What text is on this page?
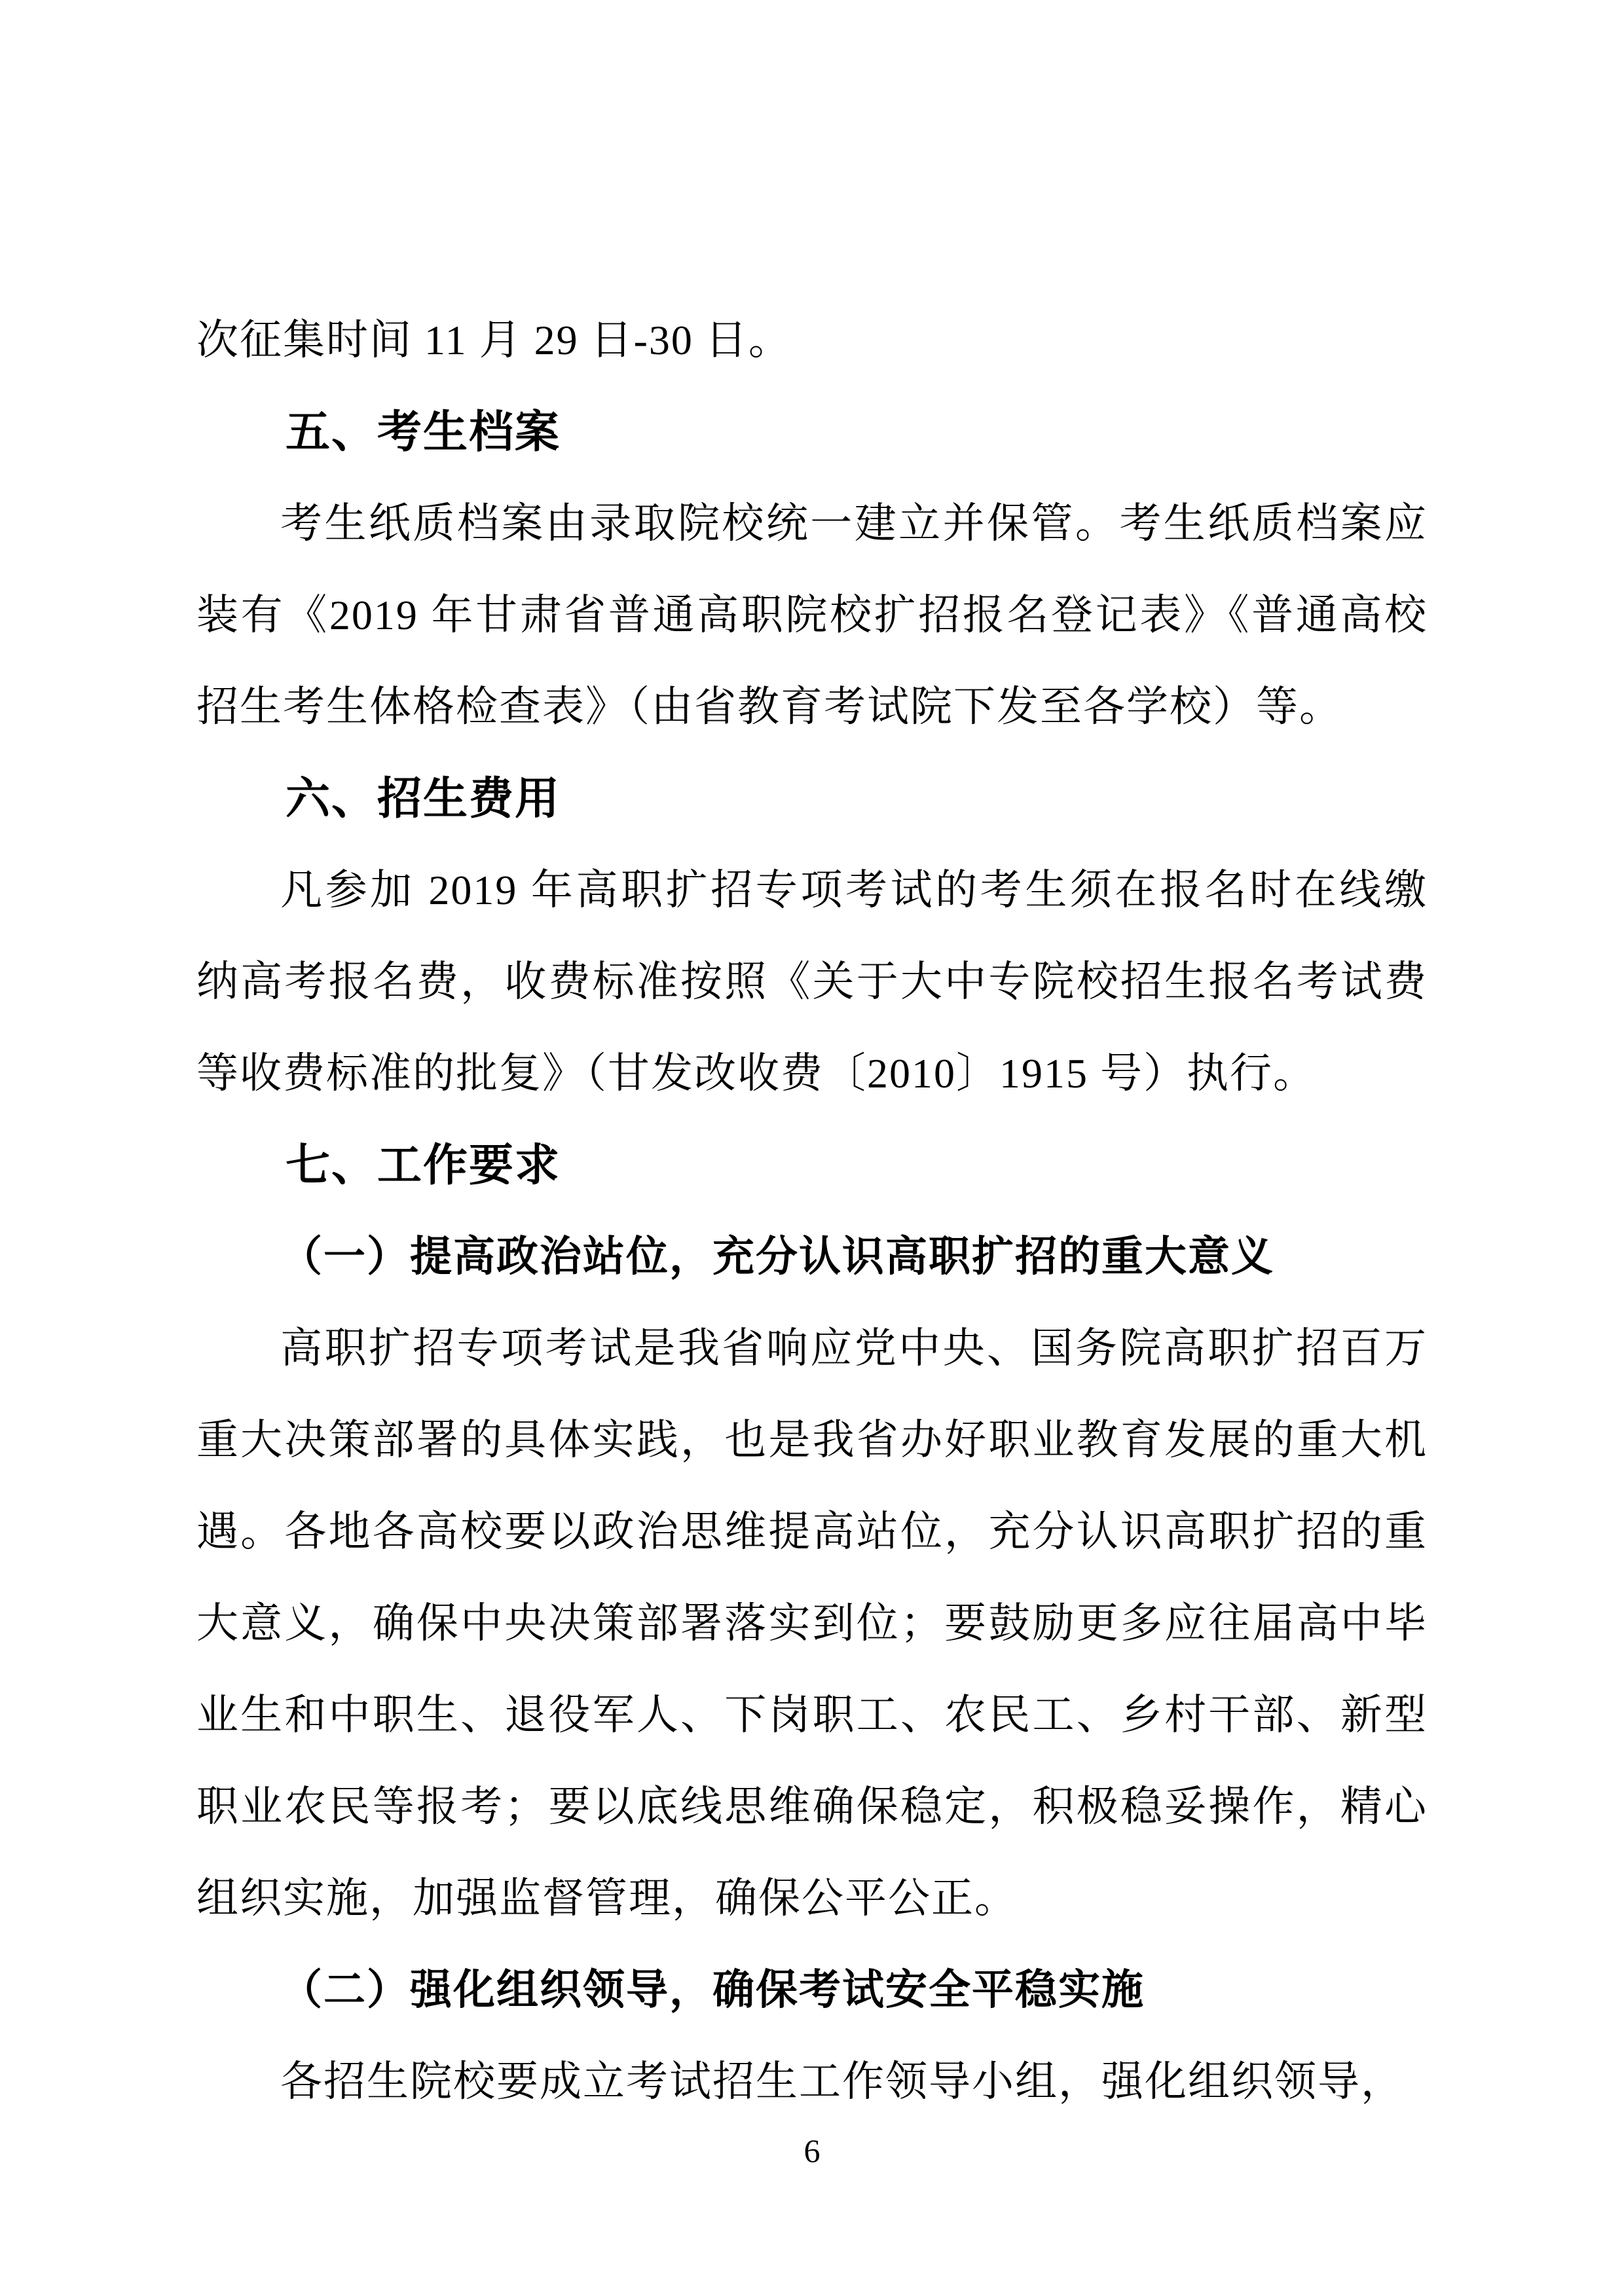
次征集时间 11 月 29 日-30 日。

五、考生档案

考生纸质档案由录取院校统一建立并保管。考生纸质档案应装有《2019 年甘肃省普通高职院校扩招报名登记表》《普通高校招生考生体格检查表》（由省教育考试院下发至各学校）等。

六、招生费用

凡参加 2019 年高职扩招专项考试的考生须在报名时在线缴纳高考报名费，收费标准按照《关于大中专院校招生报名考试费等收费标准的批复》（甘发改收费〔2010〕1915 号）执行。

七、工作要求
（一）提高政治站位，充分认识高职扩招的重大意义

高职扩招专项考试是我省响应党中央、国务院高职扩招百万重大决策部署的具体实践，也是我省办好职业教育发展的重大机遇。各地各高校要以政治思维提高站位，充分认识高职扩招的重大意义，确保中央决策部署落实到位；要鼓励更多应往届高中毕业生和中职生、退役军人、下岗职工、农民工、乡村干部、新型职业农民等报考；要以底线思维确保稳定，积极稳妥操作，精心组织实施，加强监督管理，确保公平公正。

（二）强化组织领导，确保考试安全平稳实施

各招生院校要成立考试招生工作领导小组，强化组织领导，

6
